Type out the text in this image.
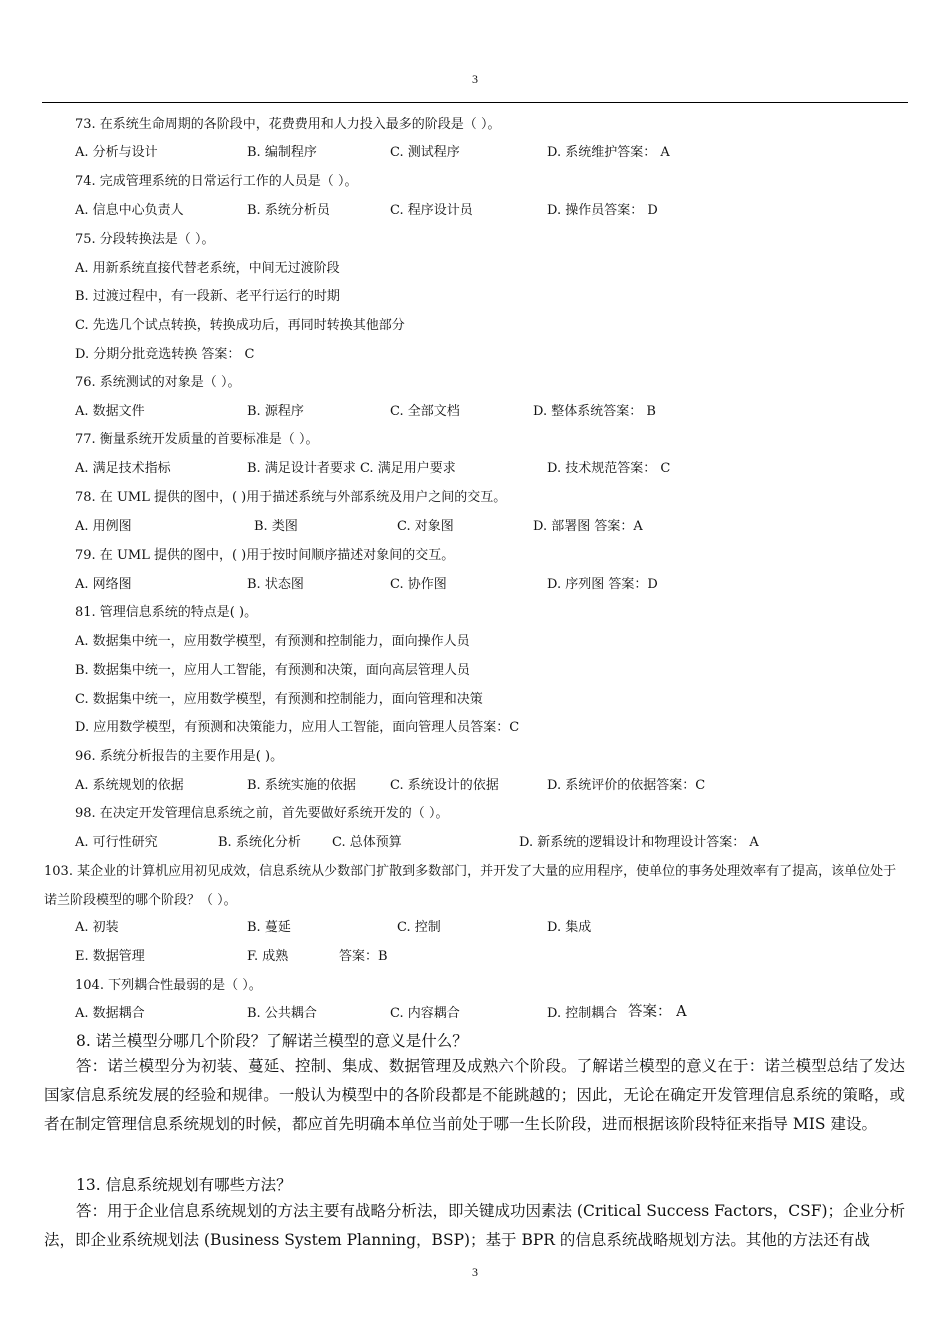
3
73. 在系统生命周期的各阶段中，花费费用和人力投入最多的阶段是（ ）。
A. 分析与设计	B. 编制程序	C. 测试程序	D. 系统维护答案： A
74. 完成管理系统的日常运行工作的人员是（ ）。
A. 信息中心负责人	B. 系统分析员	C. 程序设计员	D. 操作员答案： D
75. 分段转换法是（ ）。
A. 用新系统直接代替老系统，中间无过渡阶段
B. 过渡过程中，有一段新、老平行运行的时期
C. 先选几个试点转换，转换成功后，再同时转换其他部分
D. 分期分批竞选转换 答案： C
76. 系统测试的对象是（ ）。
A. 数据文件	B. 源程序	C. 全部文档	D. 整体系统答案： B
77. 衡量系统开发质量的首要标准是（ ）。
A. 满足技术指标	B. 满足设计者要求 C. 满足用户要求	D. 技术规范答案： C
78. 在 UML 提供的图中，( )用于描述系统与外部系统及用户之间的交互。
A. 用例图	B. 类图	C. 对象图	D. 部署图 答案：A
79. 在 UML 提供的图中，( )用于按时间顺序描述对象间的交互。
A. 网络图	B. 状态图	C. 协作图	D. 序列图 答案：D
81. 管理信息系统的特点是( )。
A. 数据集中统一，应用数学模型，有预测和控制能力，面向操作人员
B. 数据集中统一，应用人工智能，有预测和决策，面向高层管理人员
C. 数据集中统一，应用数学模型，有预测和控制能力，面向管理和决策
D. 应用数学模型，有预测和决策能力，应用人工智能，面向管理人员答案：C
96. 系统分析报告的主要作用是( )。
A. 系统规划的依据	B. 系统实施的依据	C. 系统设计的依据	D. 系统评价的依据答案：C
98. 在决定开发管理信息系统之前，首先要做好系统开发的（ ）。
A. 可行性研究	B. 系统化分析 C. 总体预算	D. 新系统的逻辑设计和物理设计答案： A
103. 某企业的计算机应用初见成效，信息系统从少数部门扩散到多数部门，并开发了大量的应用程序，使单位的事务处理效率有了提高，该单位处于诺兰阶段模型的哪个阶段？（ ）。
A. 初装	B. 蔓延	C. 控制	D. 集成
E. 数据管理	F. 成熟	答案：B
104. 下列耦合性最弱的是（ ）。
A. 数据耦合	B. 公共耦合	C. 内容耦合	D. 控制耦合 答案： A
8. 诺兰模型分哪几个阶段？了解诺兰模型的意义是什么？
答：诺兰模型分为初装、蔓延、控制、集成、数据管理及成熟六个阶段。了解诺兰模型的意义在于：诺兰模型总结了发达国家信息系统发展的经验和规律。一般认为模型中的各阶段都是不能跳越的；因此，无论在确定开发管理信息系统的策略，或者在制定管理信息系统规划的时候，都应首先明确本单位当前处于哪一生长阶段，进而根据该阶段特征来指导 MIS 建设。
13. 信息系统规划有哪些方法？
答：用于企业信息系统规划的方法主要有战略分析法，即关键成功因素法 (Critical Success Factors，CSF)；企业分析法，即企业系统规划法 (Business System Planning，BSP)；基于 BPR 的信息系统战略规划方法。其他的方法还有战
3
